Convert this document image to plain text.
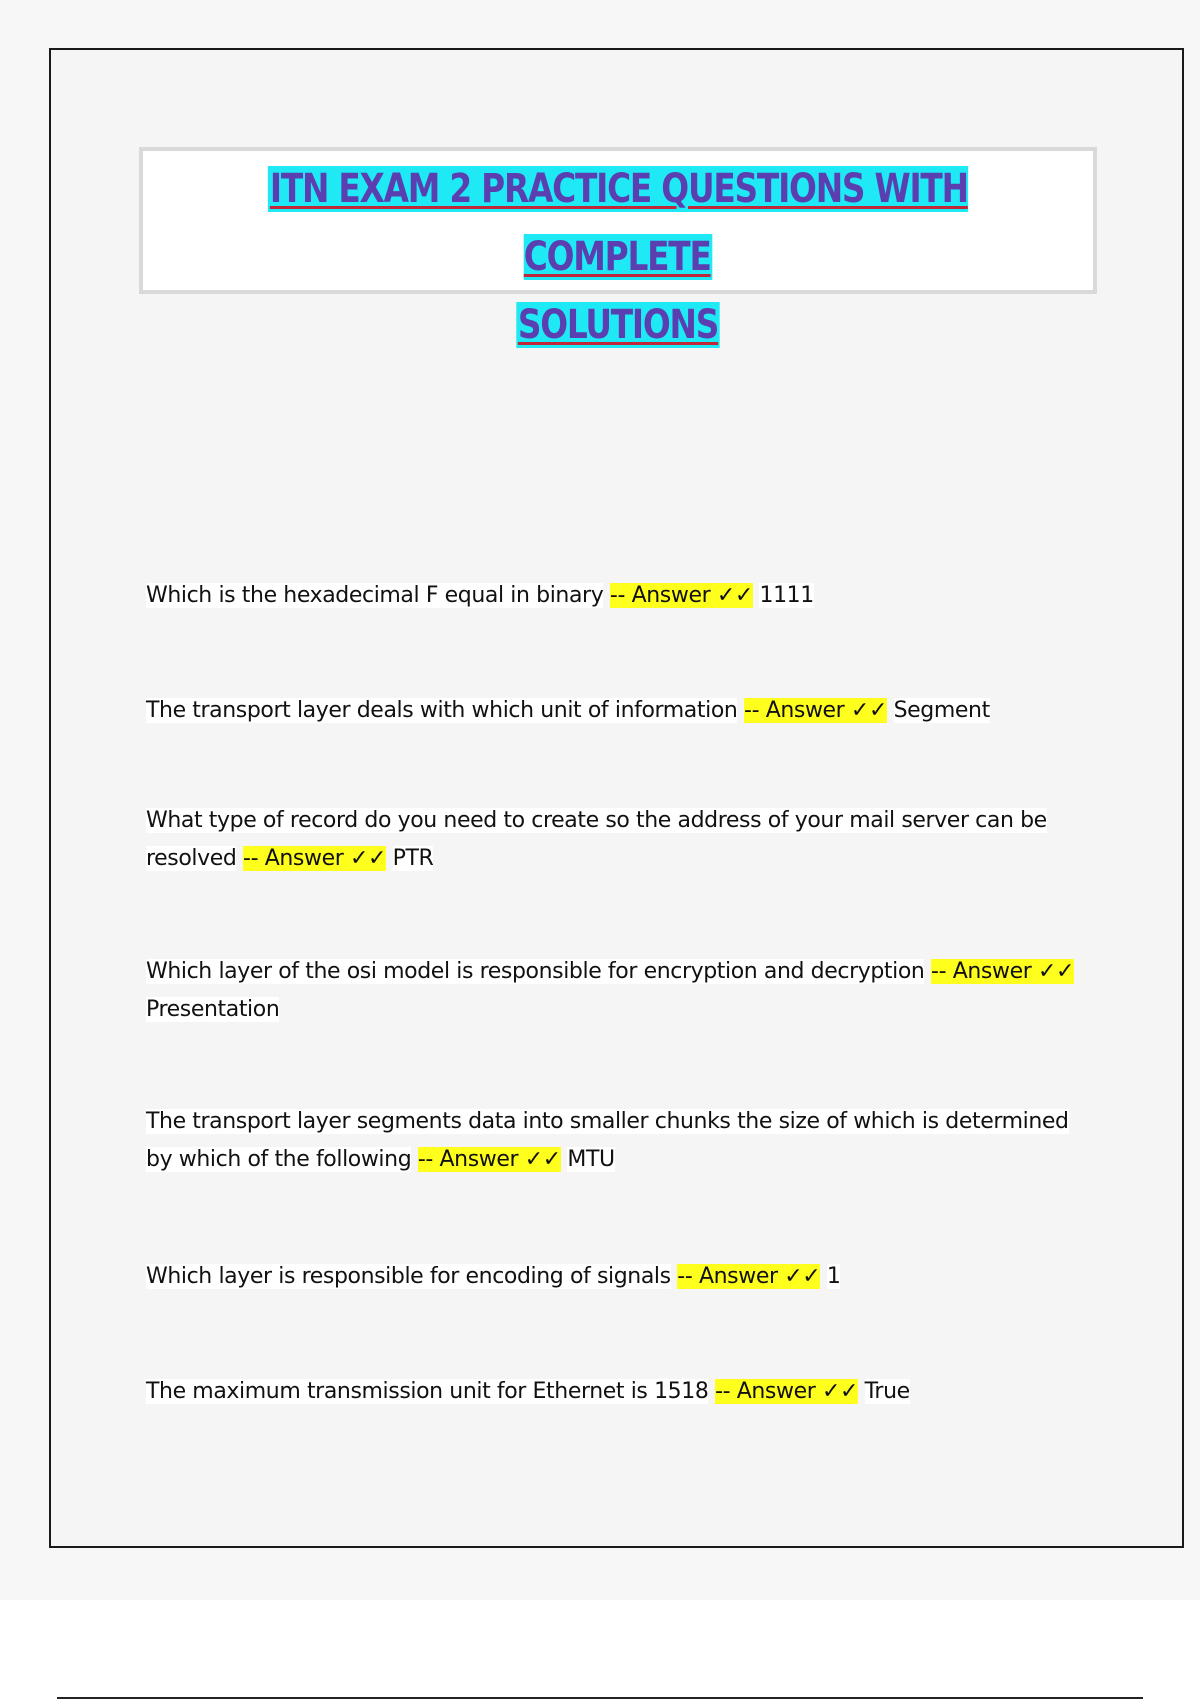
ITN EXAM 2 PRACTICE QUESTIONS WITH COMPLETE
SOLUTIONS
Which is the hexadecimal F equal in binary -- Answer ✓✓ 1111
The transport layer deals with which unit of information -- Answer ✓✓ Segment
What type of record do you need to create so the address of your mail server can be resolved -- Answer ✓✓ PTR
Which layer of the osi model is responsible for encryption and decryption -- Answer ✓✓ Presentation
The transport layer segments data into smaller chunks the size of which is determined by which of the following -- Answer ✓✓ MTU
Which layer is responsible for encoding of signals -- Answer ✓✓ 1
The maximum transmission unit for Ethernet is 1518 -- Answer ✓✓ True
